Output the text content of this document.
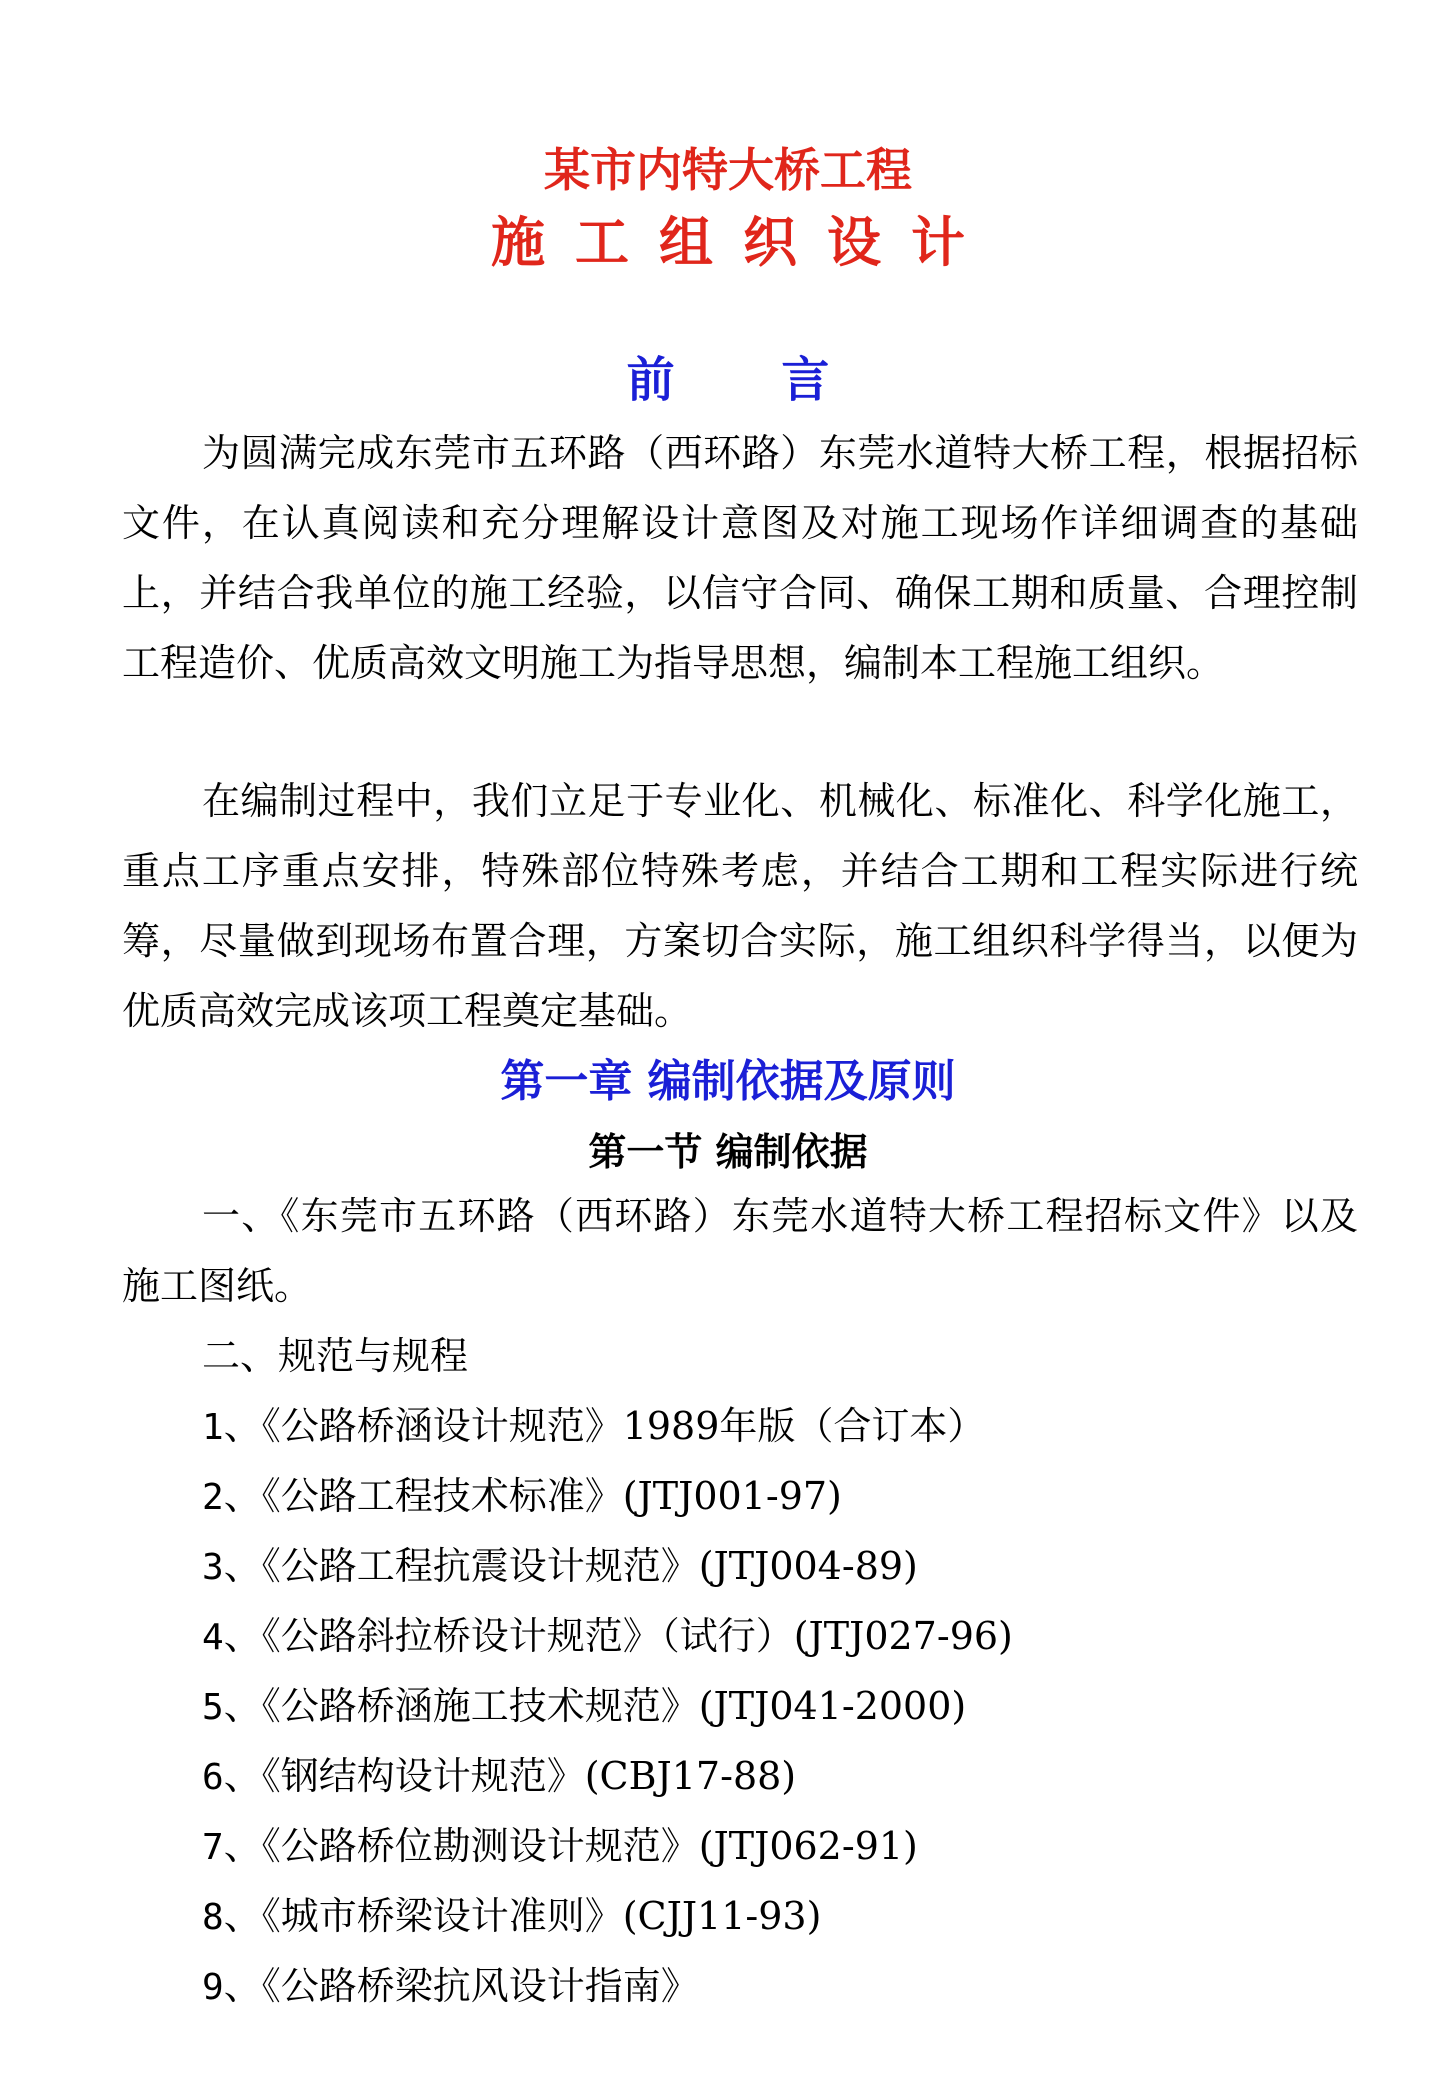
某市内特大桥工程
施工组织设计
前 言

为圆满完成东莞市五环路（西环路）东莞水道特大桥工程，根据招标文件，在认真阅读和充分理解设计意图及对施工现场作详细调查的基础上，并结合我单位的施工经验，以信守合同、确保工期和质量、合理控制工程造价、优质高效文明施工为指导思想，编制本工程施工组织。

在编制过程中，我们立足于专业化、机械化、标准化、科学化施工，重点工序重点安排，特殊部位特殊考虑，并结合工期和工程实际进行统筹，尽量做到现场布置合理，方案切合实际，施工组织科学得当，以便为优质高效完成该项工程奠定基础。

第一章 编制依据及原则
第一节 编制依据

一、《东莞市五环路（西环路）东莞水道特大桥工程招标文件》以及施工图纸。

二、规范与规程

1、《公路桥涵设计规范》1989年版（合订本）
2、《公路工程技术标准》(JTJ001-97)
3、《公路工程抗震设计规范》(JTJ004-89)
4、《公路斜拉桥设计规范》（试行）(JTJ027-96)
5、《公路桥涵施工技术规范》(JTJ041-2000)
6、《钢结构设计规范》(CBJ17-88)
7、《公路桥位勘测设计规范》(JTJ062-91)
8、《城市桥梁设计准则》(CJJ11-93)
9、《公路桥梁抗风设计指南》
